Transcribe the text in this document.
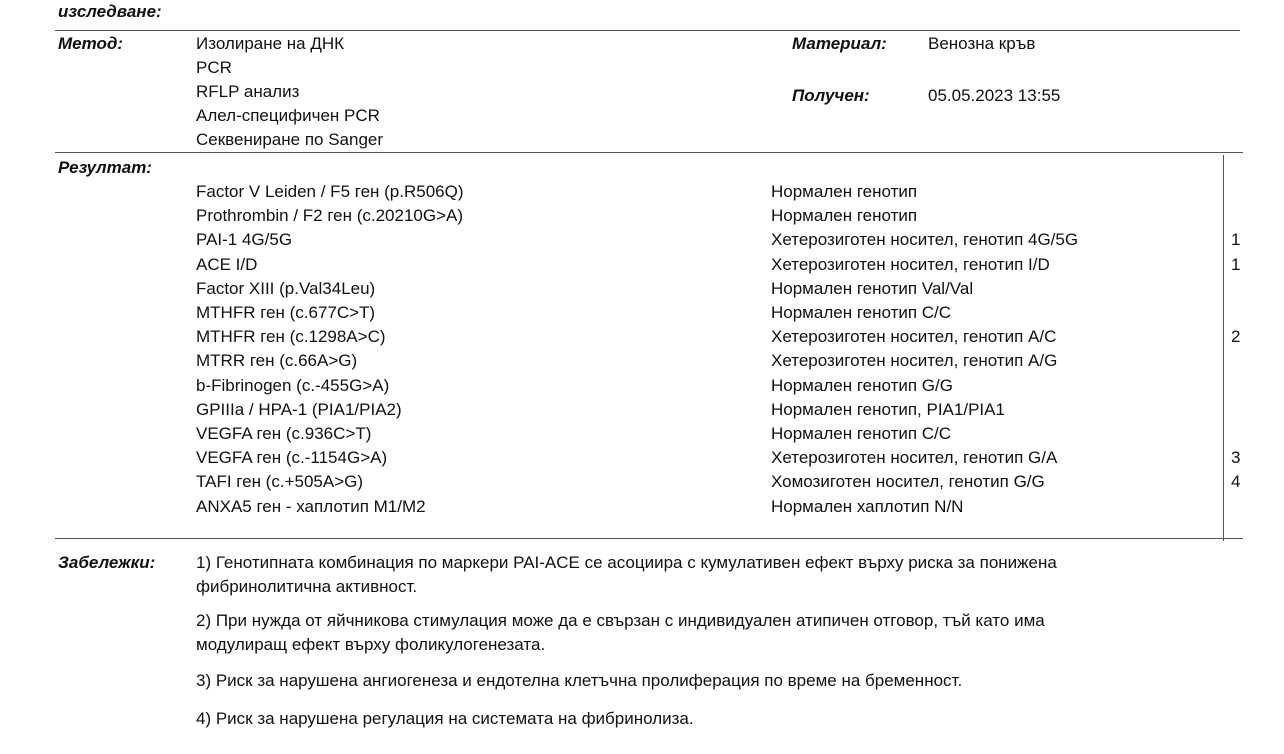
изследване:
Метод:	Изолиране на ДНК
PCR
RFLP анализ
Алел-специфичен PCR
Секвениране по Sanger
Материал: Венозна кръв
Получен:	05.05.2023 13:55
Резултат:
Factor V Leiden / F5 ген (p.R506Q)	Нормален генотип
Prothrombin / F2 ген (c.20210G>A)	Нормален генотип
PAI-1 4G/5G	Хетерозиготен носител, генотип 4G/5G	1
ACE I/D	Хетерозиготен носител, генотип I/D	1
Factor XIII (p.Val34Leu)	Нормален генотип Val/Val
MTHFR ген (c.677C>T)	Нормален генотип C/C
MTHFR ген (c.1298A>C)	Хетерозиготен носител, генотип A/C	2
MTRR ген (c.66A>G)	Хетерозиготен носител, генотип A/G
b-Fibrinogen (c.-455G>A)	Нормален генотип G/G
GPIIIa / HPA-1 (PIA1/PIA2)	Нормален генотип, PIA1/PIA1
VEGFA ген (c.936C>T)	Нормален генотип C/C
VEGFA ген (c.-1154G>A)	Хетерозиготен носител, генотип G/A	3
TAFI ген (c.+505A>G)	Хомозиготен носител, генотип G/G	4
ANXA5 ген - хаплотип M1/M2	Нормален хаплотип N/N
Забележки: 1) Генотипната комбинация по маркери PAI-ACE се асоциира с кумулативен ефект върху риска за понижена
фибринолитична активност.
2) При нужда от яйчникова стимулация може да е свързан с индивидуален атипичен отговор, тъй като има
модулиращ ефект върху фоликулогенезата.
3) Риск за нарушена ангиогенеза и ендотелна клетъчна пролиферация по време на бременност.
4) Риск за нарушена регулация на системата на фибринолиза.
